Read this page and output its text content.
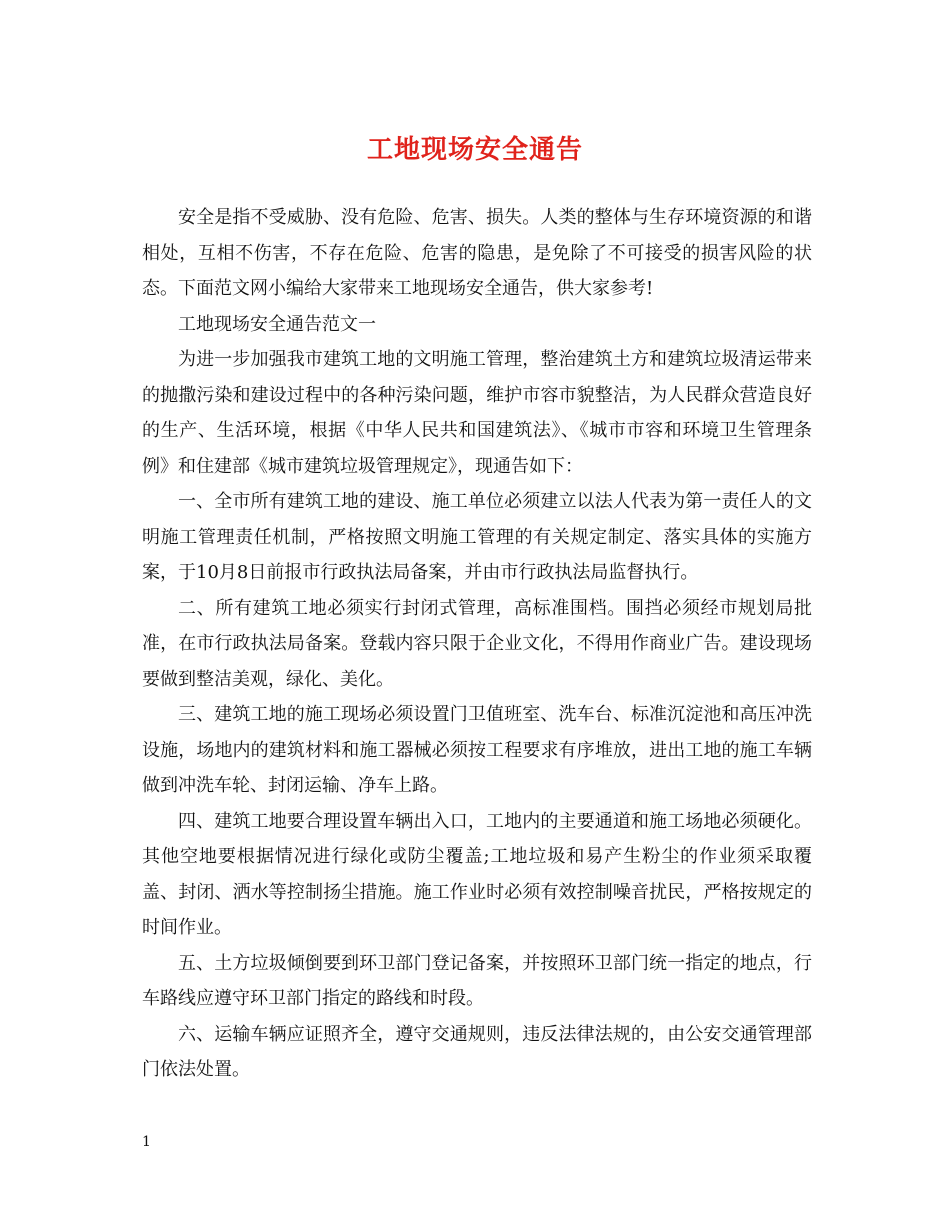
工地现场安全通告

安全是指不受威胁、没有危险、危害、损失。人类的整体与生存环境资源的和谐相处，互相不伤害，不存在危险、危害的隐患，是免除了不可接受的损害风险的状态。下面范文网小编给大家带来工地现场安全通告，供大家参考!

工地现场安全通告范文一

为进一步加强我市建筑工地的文明施工管理，整治建筑土方和建筑垃圾清运带来的抛撒污染和建设过程中的各种污染问题，维护市容市貌整洁，为人民群众营造良好的生产、生活环境，根据《中华人民共和国建筑法》、《城市市容和环境卫生管理条例》和住建部《城市建筑垃圾管理规定》，现通告如下：

一、全市所有建筑工地的建设、施工单位必须建立以法人代表为第一责任人的文明施工管理责任机制，严格按照文明施工管理的有关规定制定、落实具体的实施方案，于10月8日前报市行政执法局备案，并由市行政执法局监督执行。

二、所有建筑工地必须实行封闭式管理，高标准围档。围挡必须经市规划局批准，在市行政执法局备案。登载内容只限于企业文化，不得用作商业广告。建设现场要做到整洁美观，绿化、美化。

三、建筑工地的施工现场必须设置门卫值班室、洗车台、标准沉淀池和高压冲洗设施，场地内的建筑材料和施工器械必须按工程要求有序堆放，进出工地的施工车辆做到冲洗车轮、封闭运输、净车上路。

四、建筑工地要合理设置车辆出入口，工地内的主要通道和施工场地必须硬化。其他空地要根据情况进行绿化或防尘覆盖;工地垃圾和易产生粉尘的作业须采取覆盖、封闭、洒水等控制扬尘措施。施工作业时必须有效控制噪音扰民，严格按规定的时间作业。

五、土方垃圾倾倒要到环卫部门登记备案，并按照环卫部门统一指定的地点，行车路线应遵守环卫部门指定的路线和时段。

六、运输车辆应证照齐全，遵守交通规则，违反法律法规的，由公安交通管理部门依法处置。

1
